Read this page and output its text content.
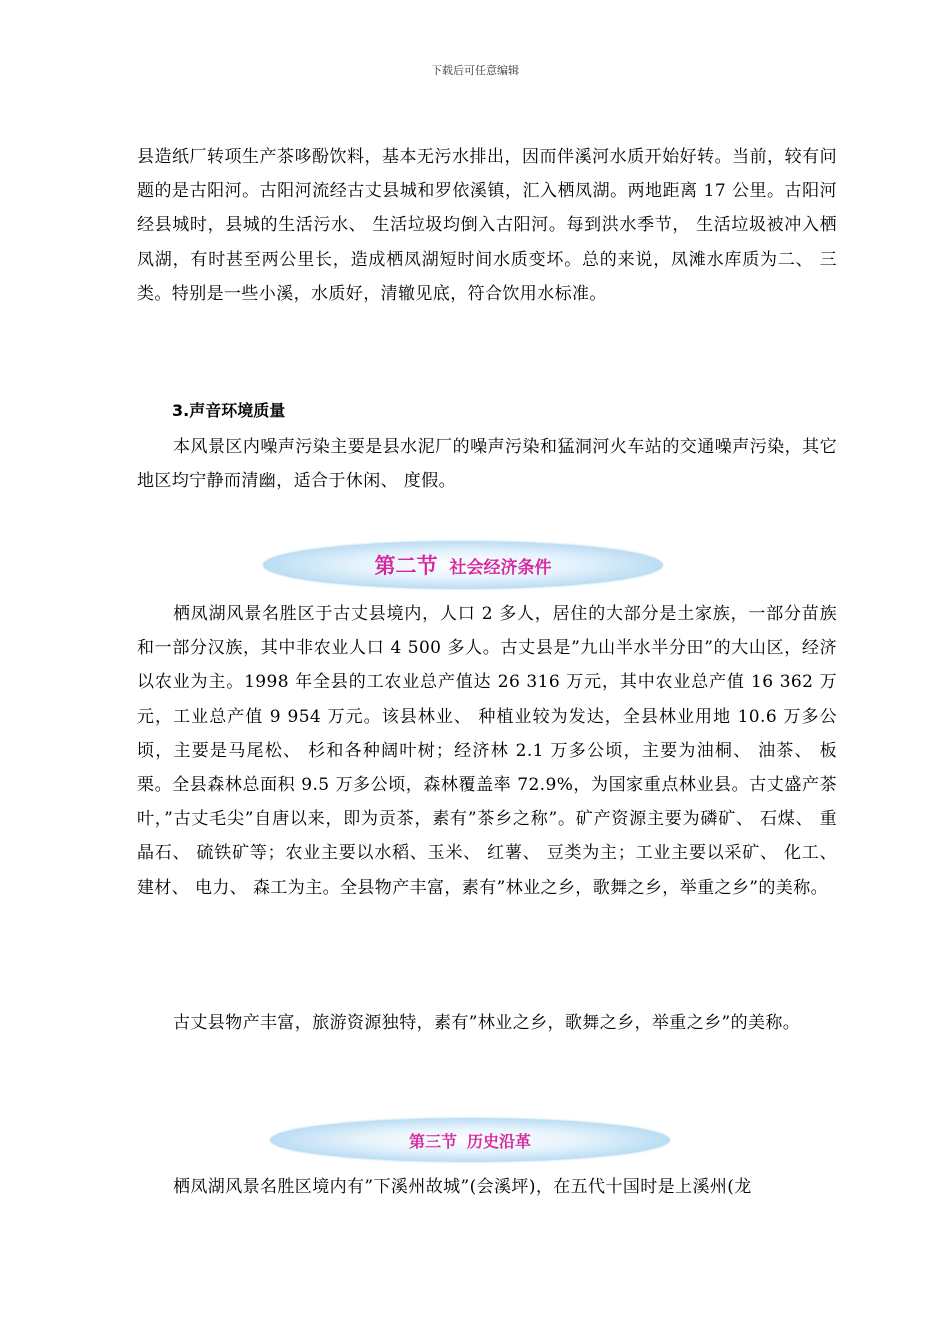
下载后可任意编辑

县造纸厂转项生产茶哆酚饮料，基本无污水排出，因而伴溪河水质开始好转。当前，较有问题的是古阳河。古阳河流经古丈县城和罗依溪镇，汇入栖凤湖。两地距离 17 公里。古阳河经县城时，县城的生活污水、 生活垃圾均倒入古阳河。每到洪水季节， 生活垃圾被冲入栖凤湖，有时甚至两公里长，造成栖凤湖短时间水质变坏。总的来说，凤滩水库质为二、 三类。特别是一些小溪，水质好，清辙见底，符合饮用水标准。

3.声音环境质量

本风景区内噪声污染主要是县水泥厂的噪声污染和猛洞河火车站的交通噪声污染，其它地区均宁静而清幽，适合于休闲、 度假。

第二节 社会经济条件

栖凤湖风景名胜区于古丈县境内，人口 2 多人，居住的大部分是土家族，一部分苗族和一部分汉族，其中非农业人口 4 500 多人。古丈县是”九山半水半分田”的大山区，经济以农业为主。1998 年全县的工农业总产值达 26 316 万元，其中农业总产值 16 362 万元，工业总产值 9 954 万元。该县林业、 种植业较为发达，全县林业用地 10.6 万多公顷，主要是马尾松、 杉和各种阔叶树；经济林 2.1 万多公顷，主要为油桐、 油茶、 板栗。全县森林总面积 9.5 万多公顷，森林覆盖率 72.9%，为国家重点林业县。古丈盛产茶叶，”古丈毛尖”自唐以来，即为贡茶，素有”茶乡之称”。矿产资源主要为磷矿、 石煤、 重晶石、 硫铁矿等；农业主要以水稻、玉米、 红薯、 豆类为主；工业主要以采矿、 化工、 建材、 电力、 森工为主。全县物产丰富，素有”林业之乡，歌舞之乡，举重之乡”的美称。

古丈县物产丰富，旅游资源独特，素有”林业之乡，歌舞之乡，举重之乡”的美称。

第三节 历史沿革

栖凤湖风景名胜区境内有”下溪州故城”(会溪坪)，在五代十国时是上溪州(龙
